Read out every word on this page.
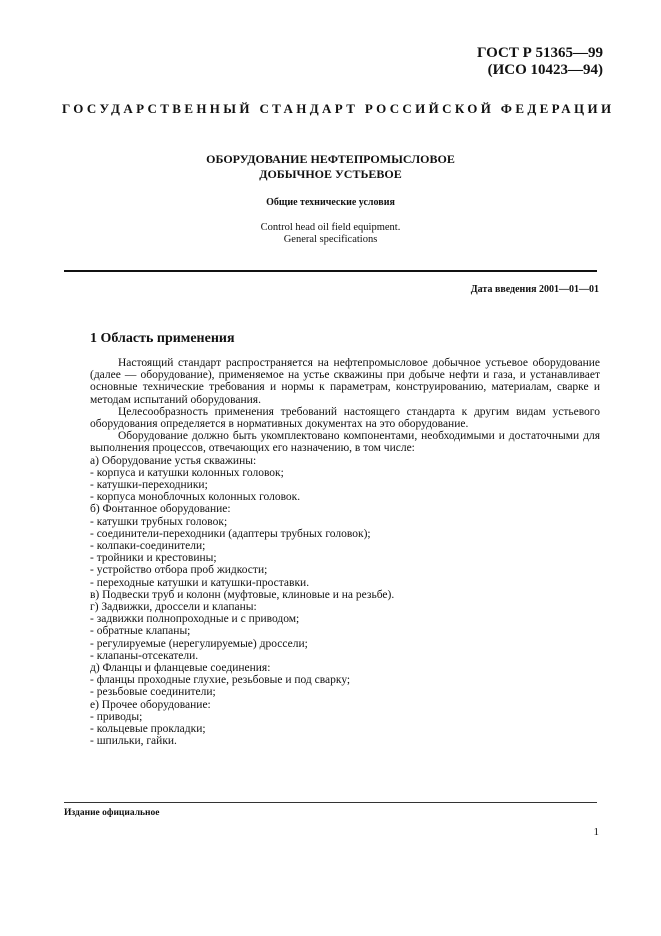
ГОСТ Р 51365—99
(ИСО 10423—94)
ГОСУДАРСТВЕННЫЙ СТАНДАРТ РОССИЙСКОЙ ФЕДЕРАЦИИ
ОБОРУДОВАНИЕ НЕФТЕПРОМЫСЛОВОЕ
ДОБЫЧНОЕ УСТЬЕВОЕ
Общие технические условия
Control head oil field equipment.
General specifications
Дата введения 2001—01—01
1 Область применения

Настоящий стандарт распространяется на нефтепромысловое добычное устьевое оборудование (далее — оборудование), применяемое на устье скважины при добыче нефти и газа, и устанавливает основные технические требования и нормы к параметрам, конструированию, материалам, сварке и методам испытаний оборудования.

Целесообразность применения требований настоящего стандарта к другим видам устьевого оборудования определяется в нормативных документах на это оборудование.

Оборудование должно быть укомплектовано компонентами, необходимыми и достаточными для выполнения процессов, отвечающих его назначению, в том числе:

а) Оборудование устья скважины:
- корпуса и катушки колонных головок;
- катушки-переходники;
- корпуса моноблочных колонных головок.
б) Фонтанное оборудование:
- катушки трубных головок;
- соединители-переходники (адаптеры трубных головок);
- колпаки-соединители;
- тройники и крестовины;
- устройство отбора проб жидкости;
- переходные катушки и катушки-проставки.
в) Подвески труб и колонн (муфтовые, клиновые и на резьбе).
г) Задвижки, дроссели и клапаны:
- задвижки полнопроходные и с приводом;
- обратные клапаны;
- регулируемые (нерегулируемые) дроссели;
- клапаны-отсекатели.
д) Фланцы и фланцевые соединения:
- фланцы проходные глухие, резьбовые и под сварку;
- резьбовые соединители;
е) Прочее оборудование:
- приводы;
- кольцевые прокладки;
- шпильки, гайки.
Издание официальное
1
